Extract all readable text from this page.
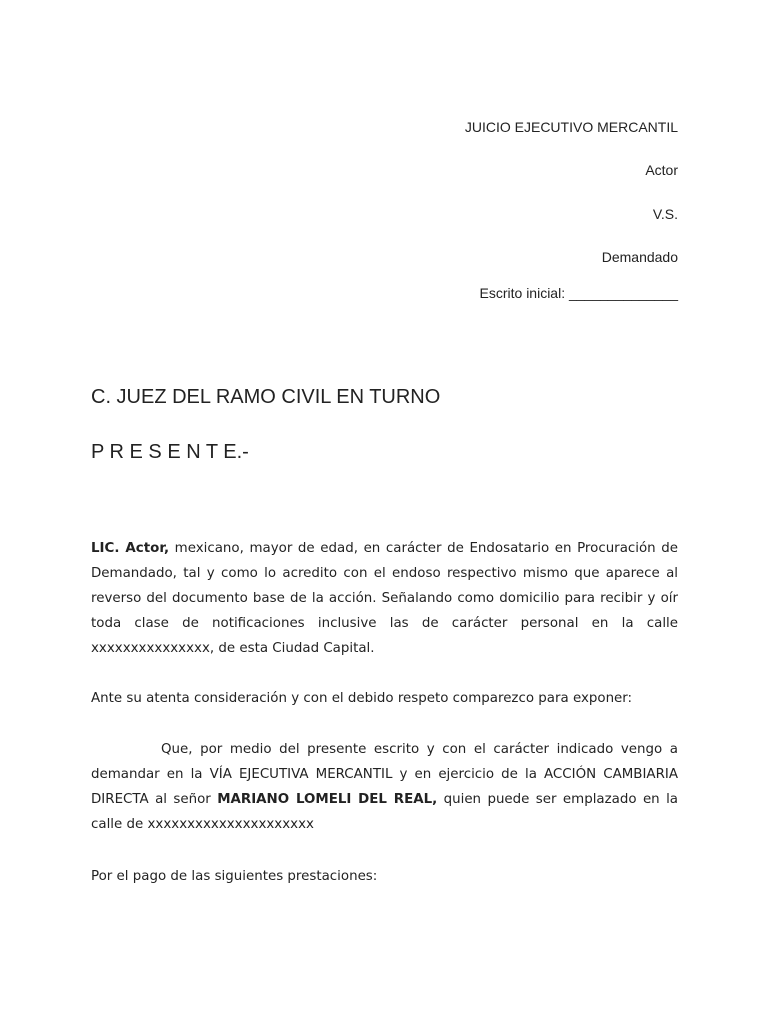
JUICIO EJECUTIVO MERCANTIL
Actor
V.S.
Demandado
Escrito inicial: ______________
C. JUEZ DEL RAMO CIVIL EN TURNO
P R E S E N T E.-
LIC. Actor, mexicano, mayor de edad, en carácter de Endosatario en Procuración de Demandado, tal y como lo acredito con el endoso respectivo mismo que aparece al reverso del documento base de la acción. Señalando como domicilio para recibir y oír toda clase de notificaciones inclusive las de carácter personal en la calle xxxxxxxxxxxxxxx, de esta Ciudad Capital.
Ante su atenta consideración y con el debido respeto comparezco para exponer:
Que, por medio del presente escrito y con el carácter indicado vengo a demandar en la VÍA EJECUTIVA MERCANTIL y en ejercicio de la ACCIÓN CAMBIARIA DIRECTA al señor MARIANO LOMELI DEL REAL, quien puede ser emplazado en la calle de xxxxxxxxxxxxxxxxxxxxx
Por el pago de las siguientes prestaciones:
